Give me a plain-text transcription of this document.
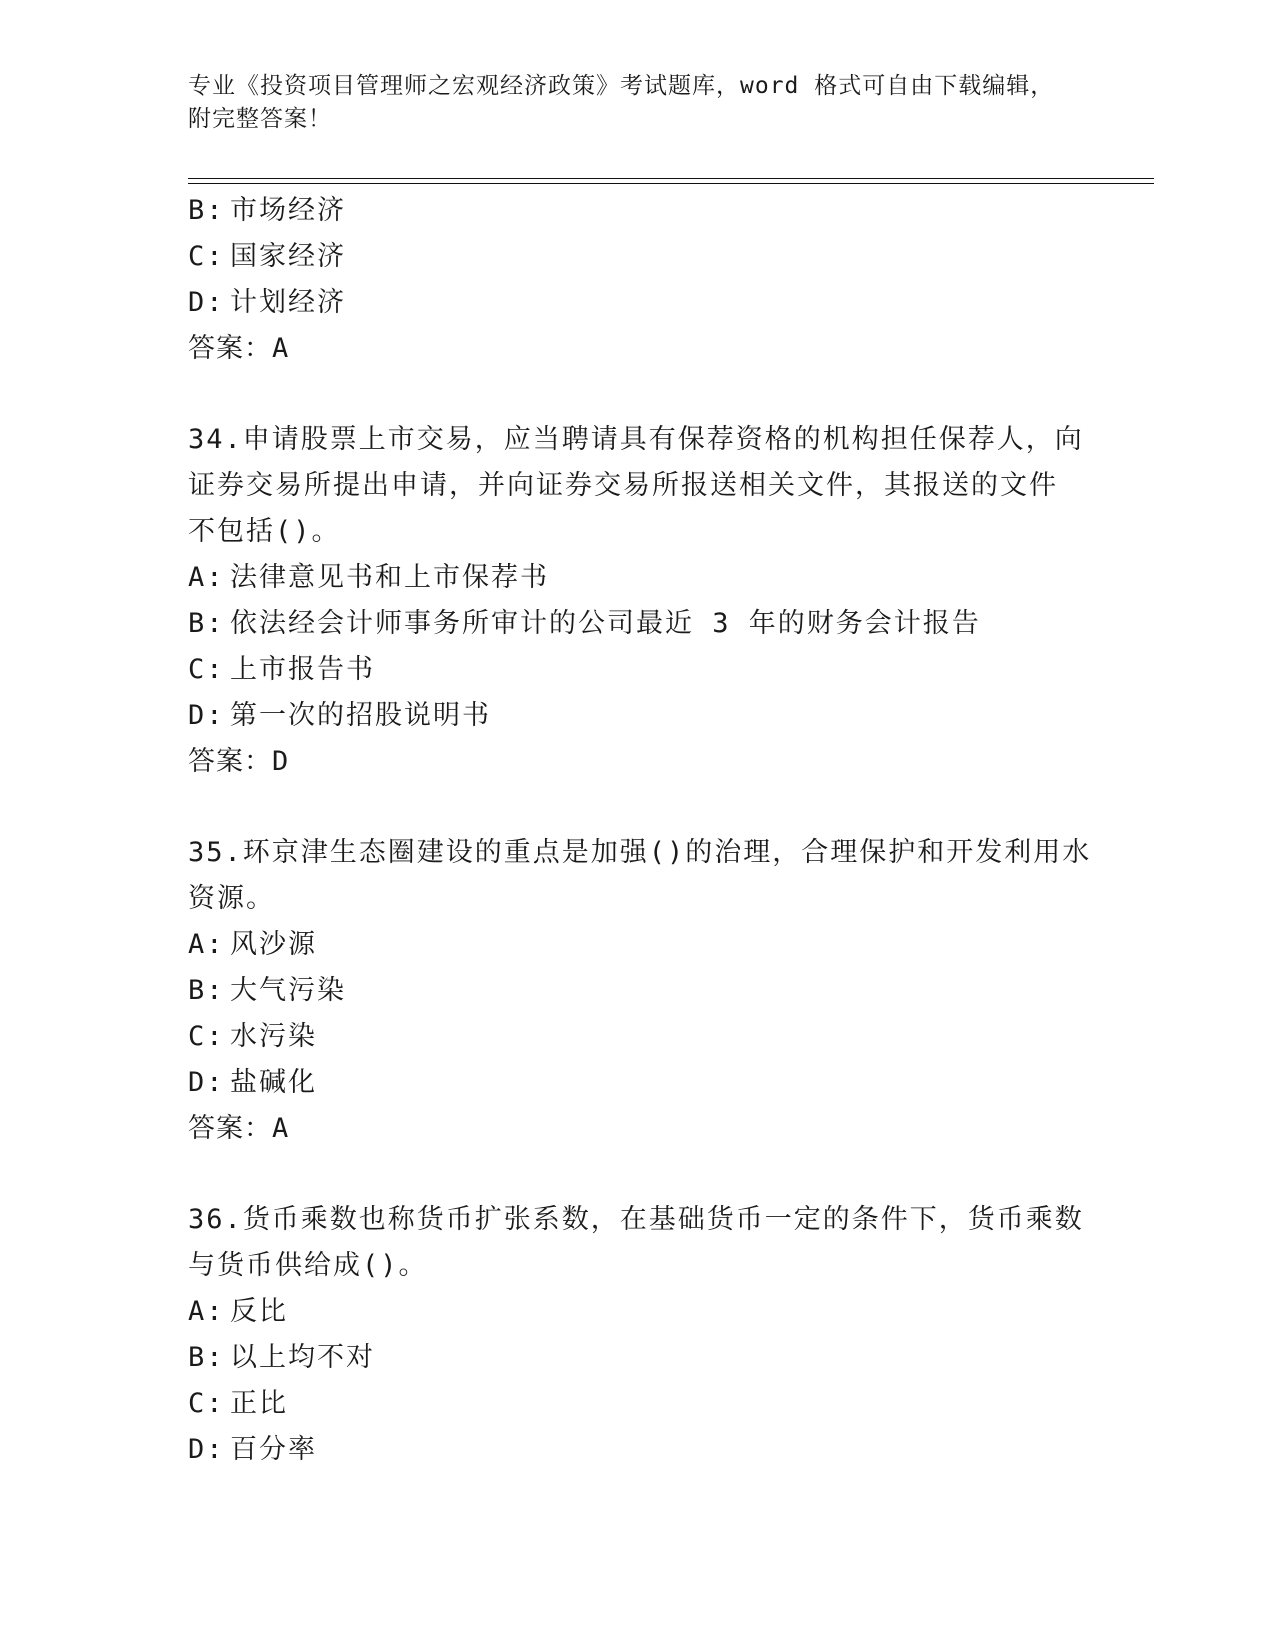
专业《投资项目管理师之宏观经济政策》考试题库，word 格式可自由下载编辑，
附完整答案！
B: 市场经济
C: 国家经济
D: 计划经济
答案：A
34.申请股票上市交易，应当聘请具有保荐资格的机构担任保荐人，向
证券交易所提出申请，并向证券交易所报送相关文件，其报送的文件
不包括()。
A: 法律意见书和上市保荐书
B: 依法经会计师事务所审计的公司最近 3 年的财务会计报告
C: 上市报告书
D: 第一次的招股说明书
答案：D
35.环京津生态圈建设的重点是加强()的治理，合理保护和开发利用水
资源。
A: 风沙源
B: 大气污染
C: 水污染
D: 盐碱化
答案：A
36.货币乘数也称货币扩张系数，在基础货币一定的条件下，货币乘数
与货币供给成()。
A: 反比
B: 以上均不对
C: 正比
D: 百分率
